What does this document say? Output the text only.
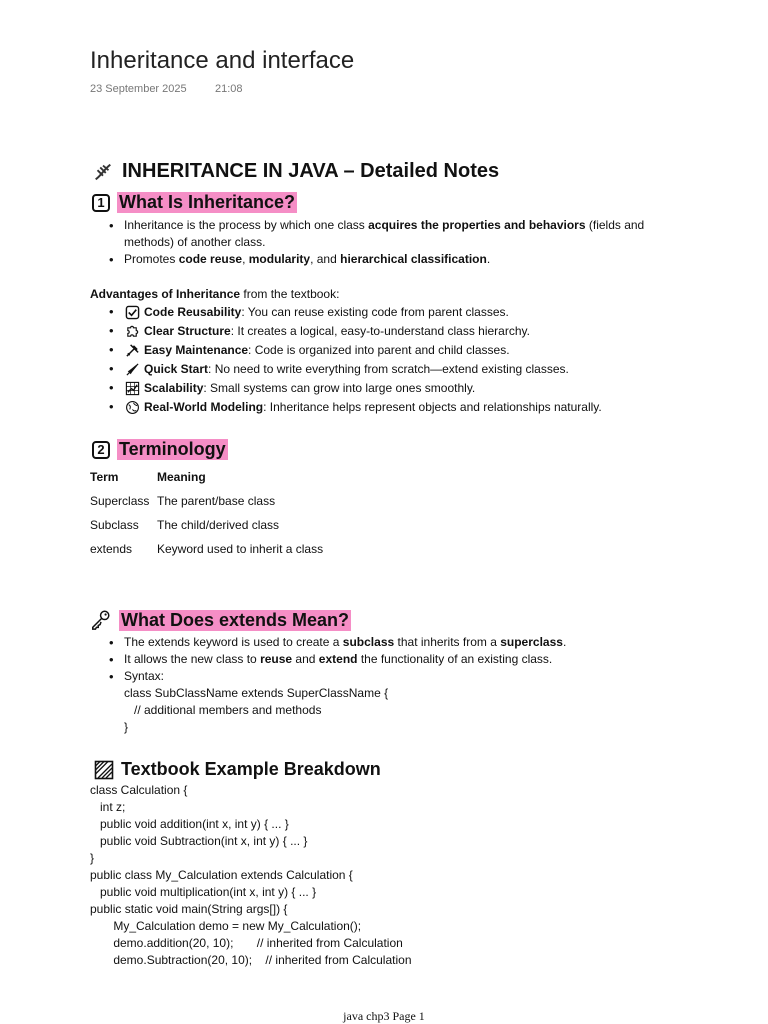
Inheritance and interface
23 September 2025	21:08
INHERITANCE IN JAVA – Detailed Notes
1 What Is Inheritance?
• Inheritance is the process by which one class acquires the properties and behaviors (fields and methods) of another class.
• Promotes code reuse, modularity, and hierarchical classification.
Advantages of Inheritance from the textbook:
• Code Reusability: You can reuse existing code from parent classes.
• Clear Structure: It creates a logical, easy-to-understand class hierarchy.
• Easy Maintenance: Code is organized into parent and child classes.
• Quick Start: No need to write everything from scratch—extend existing classes.
• Scalability: Small systems can grow into large ones smoothly.
• Real-World Modeling: Inheritance helps represent objects and relationships naturally.
2 Terminology
Term	Meaning
Superclass	The parent/base class
Subclass	The child/derived class
extends	Keyword used to inherit a class
What Does extends Mean?
• The extends keyword is used to create a subclass that inherits from a superclass.
• It allows the new class to reuse and extend the functionality of an existing class.
• Syntax:
class SubClassName extends SuperClassName {
// additional members and methods
}
Textbook Example Breakdown
class Calculation {
int z;
public void addition(int x, int y) { ... }
public void Subtraction(int x, int y) { ... }
}
public class My_Calculation extends Calculation {
public void multiplication(int x, int y) { ... }
public static void main(String args[]) {
My_Calculation demo = new My_Calculation();
demo.addition(20, 10);       // inherited from Calculation
demo.Subtraction(20, 10);    // inherited from Calculation
java chp3 Page 1
